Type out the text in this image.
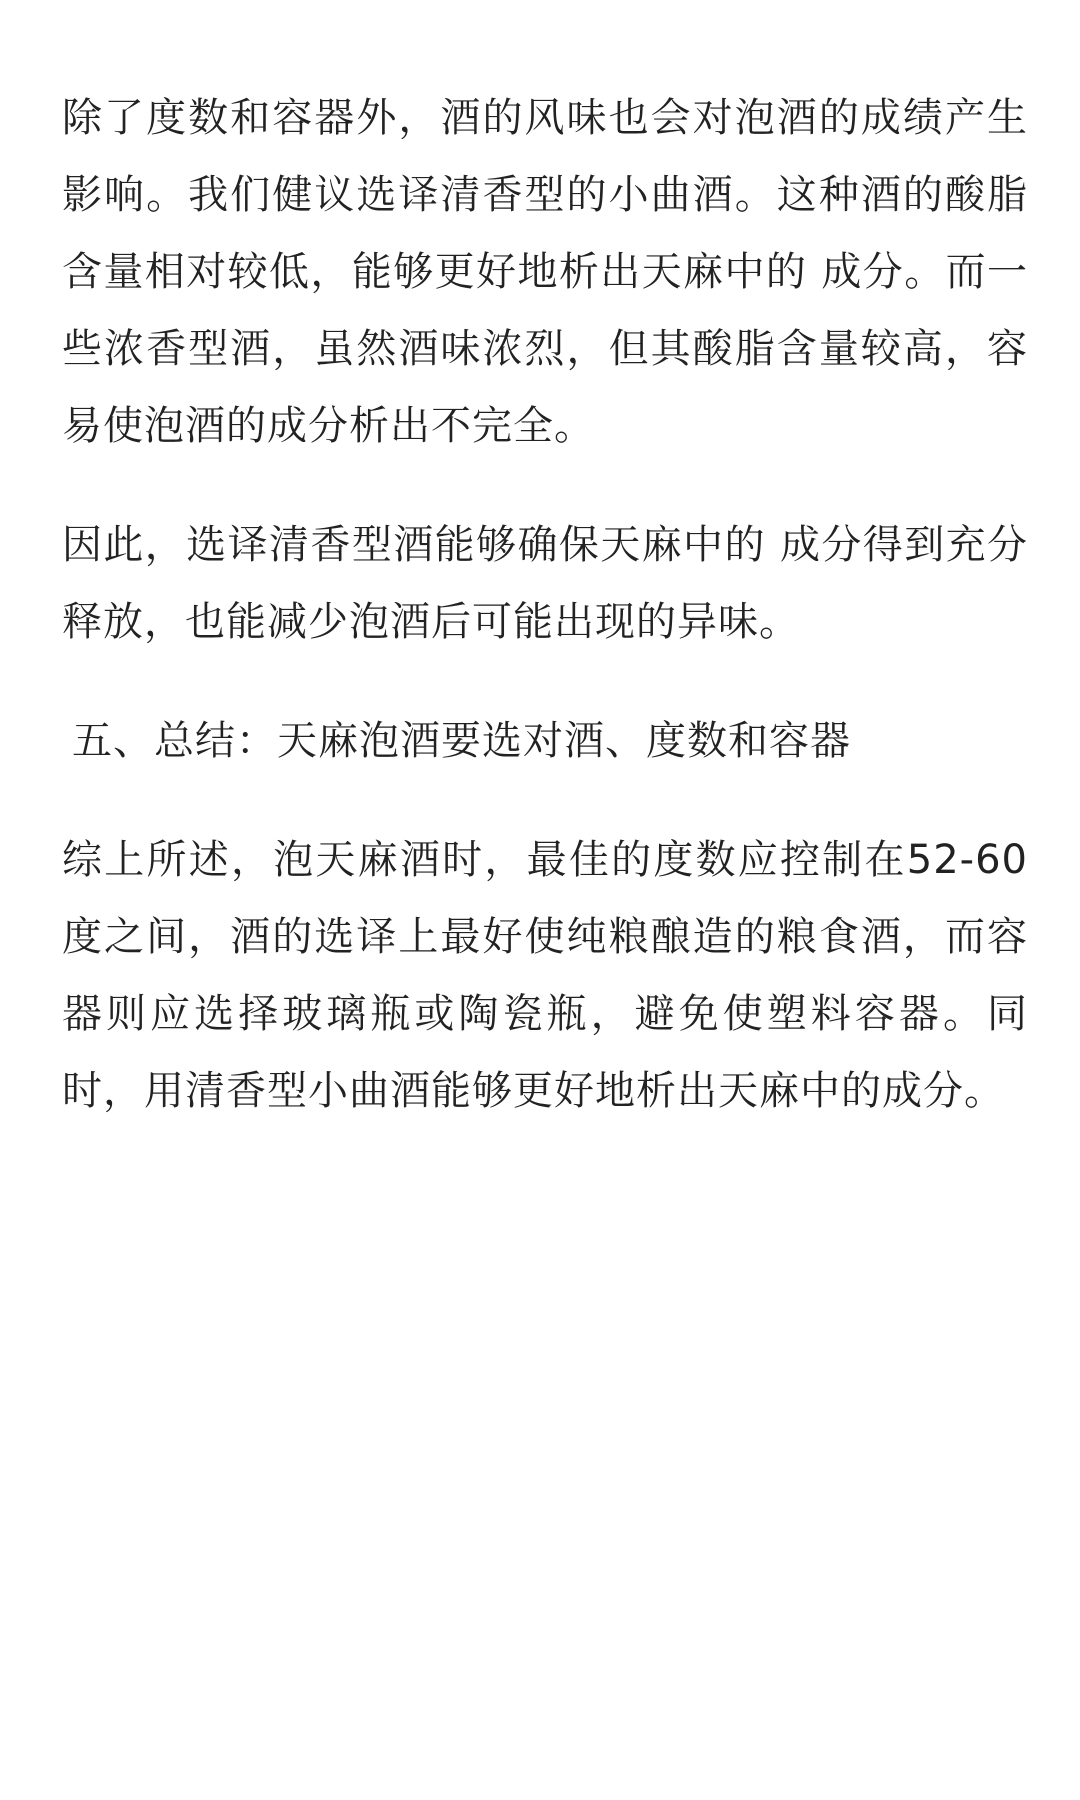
除了度数和容器外，酒的风味也会对泡酒的成绩产生影响。我们健议选译清香型的小曲酒。这种酒的酸脂含量相对较低，能够更好地析出天麻中的 成分。而一些浓香型酒，虽然酒味浓烈，但其酸脂含量较高，容易使泡酒的成分析出不完全。

因此，选译清香型酒能够确保天麻中的 成分得到充分释放，也能减少泡酒后可能出现的异味。

五、总结：天麻泡酒要选对酒、度数和容器

综上所述，泡天麻酒时，最佳的度数应控制在52-60度之间，酒的选译上最好使纯粮酿造的粮食酒，而容器则应选择玻璃瓶或陶瓷瓶，避免使塑料容器。同时，用清香型小曲酒能够更好地析出天麻中的成分。
